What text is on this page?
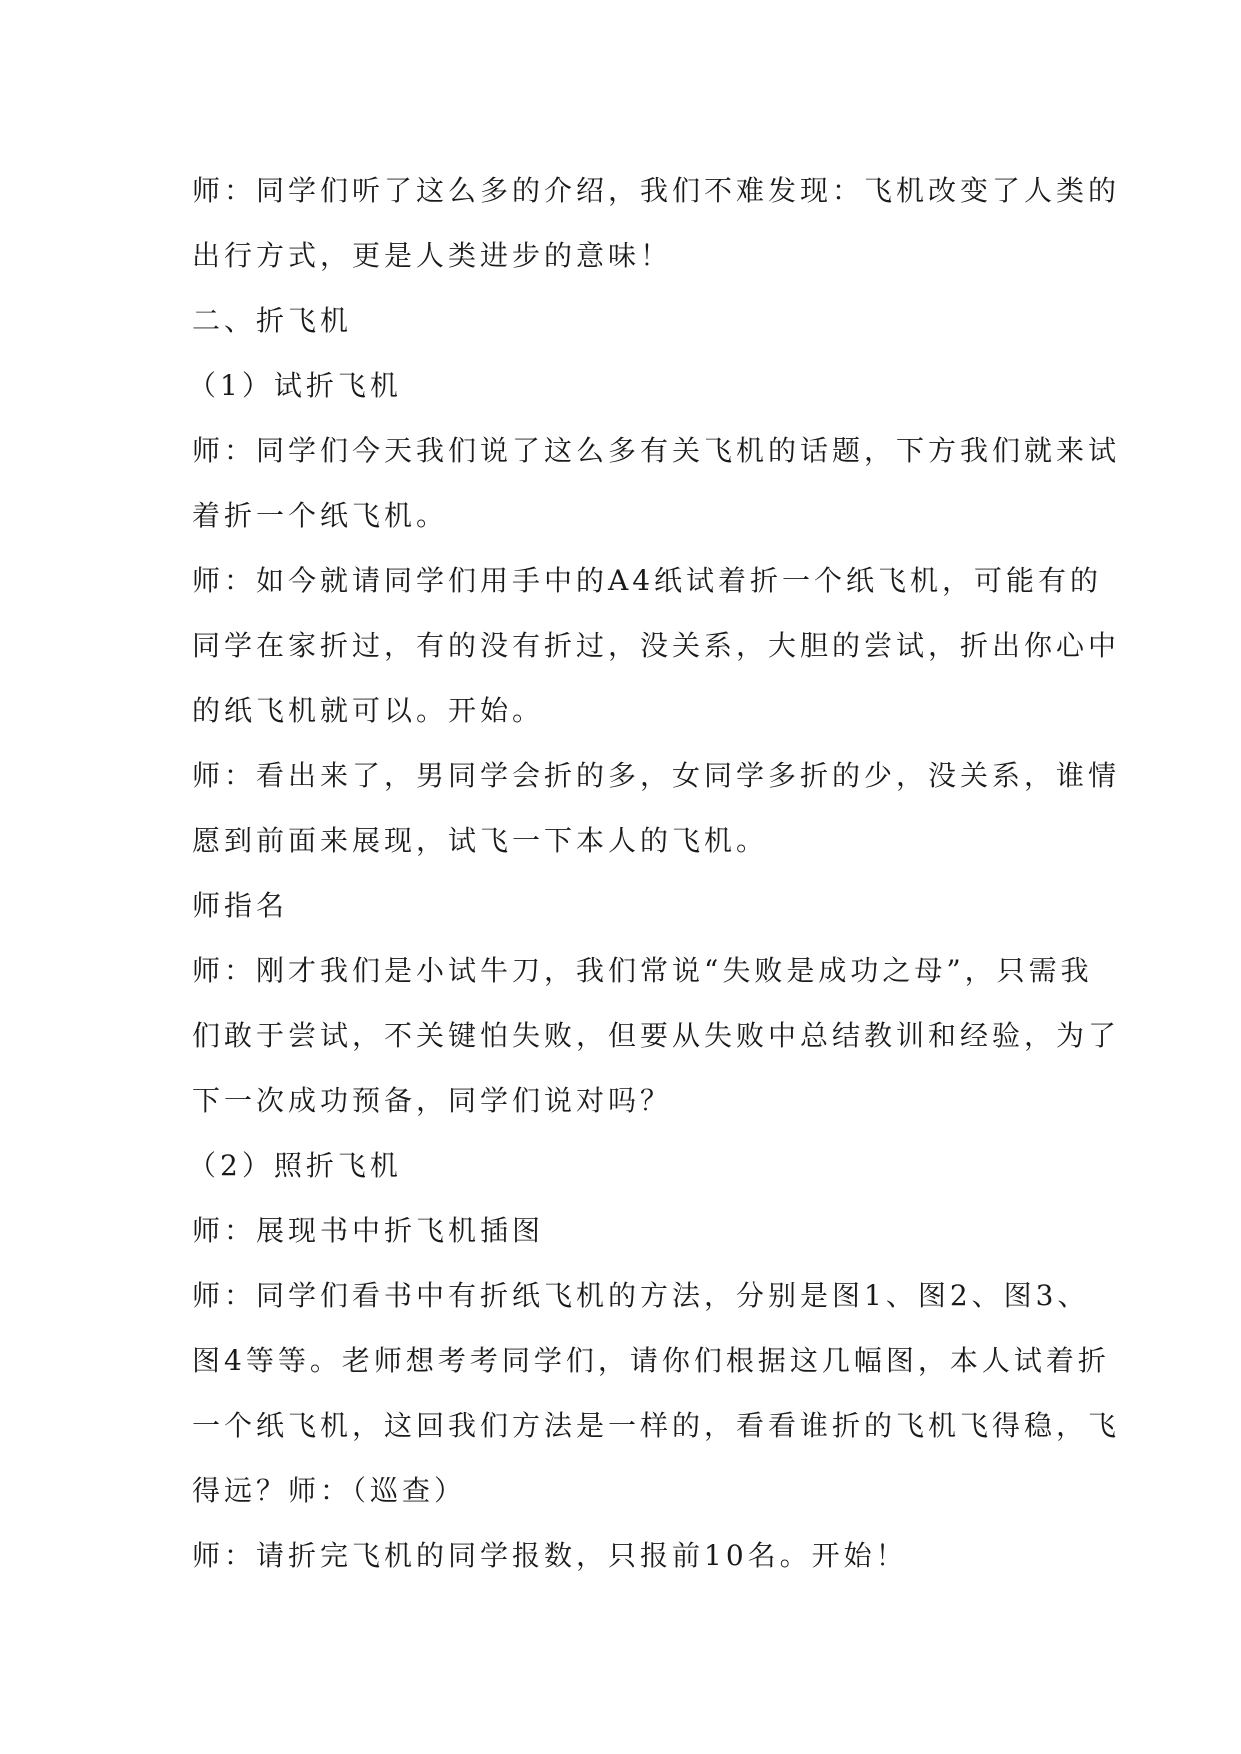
师：同学们听了这么多的介绍，我们不难发现：飞机改变了人类的
出行方式，更是人类进步的意味！
二、折飞机
（1）试折飞机
师：同学们今天我们说了这么多有关飞机的话题，下方我们就来试
着折一个纸飞机。
师：如今就请同学们用手中的A4纸试着折一个纸飞机，可能有的
同学在家折过，有的没有折过，没关系，大胆的尝试，折出你心中
的纸飞机就可以。开始。
师：看出来了，男同学会折的多，女同学多折的少，没关系，谁情
愿到前面来展现，试飞一下本人的飞机。
师指名
师：刚才我们是小试牛刀，我们常说“失败是成功之母”，只需我
们敢于尝试，不关键怕失败，但要从失败中总结教训和经验，为了
下一次成功预备，同学们说对吗？
（2）照折飞机
师：展现书中折飞机插图
师：同学们看书中有折纸飞机的方法，分别是图1、图2、图3、
图4等等。老师想考考同学们，请你们根据这几幅图，本人试着折
一个纸飞机，这回我们方法是一样的，看看谁折的飞机飞得稳，飞
得远？师：（巡查）
师：请折完飞机的同学报数，只报前10名。开始！
